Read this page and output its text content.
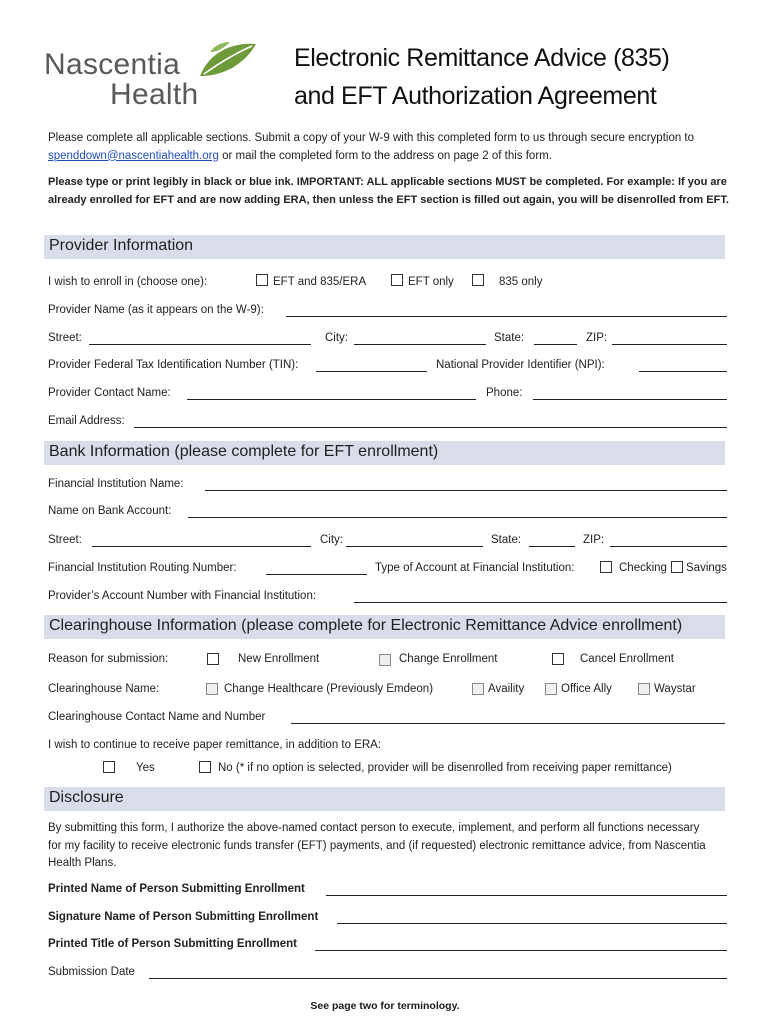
Nascentia
Health
Electronic Remittance Advice (835)
and EFT Authorization Agreement
Please complete all applicable sections. Submit a copy of your W-9 with this completed form to us through secure encryption to spenddown@nascentiahealth.org or mail the completed form to the address on page 2 of this form.
Please type or print legibly in black or blue ink. IMPORTANT: ALL applicable sections MUST be completed. For example: If you are already enrolled for EFT and are now adding ERA, then unless the EFT section is filled out again, you will be disenrolled from EFT.
Provider Information
I wish to enroll in (choose one):	EFT and 835/ERA	EFT only	835 only
Provider Name (as it appears on the W-9):
Street:	City:	State:	ZIP:
Provider Federal Tax Identification Number (TIN):	National Provider Identifier (NPI):
Provider Contact Name:	Phone:
Email Address:
Bank Information (please complete for EFT enrollment)
Financial Institution Name:
Name on Bank Account:
Street:	City:	State:	ZIP:
Financial Institution Routing Number:	Type of Account at Financial Institution:	Checking Savings
Provider’s Account Number with Financial Institution:
Clearinghouse Information (please complete for Electronic Remittance Advice enrollment)
Reason for submission:	New Enrollment	Change Enrollment	Cancel Enrollment
Clearinghouse Name:	Change Healthcare (Previously Emdeon)	Availity	Office Ally	Waystar
Clearinghouse Contact Name and Number
I wish to continue to receive paper remittance, in addition to ERA:
Yes	No (* if no option is selected, provider will be disenrolled from receiving paper remittance)
Disclosure
By submitting this form, I authorize the above-named contact person to execute, implement, and perform all functions necessary for my facility to receive electronic funds transfer (EFT) payments, and (if requested) electronic remittance advice, from Nascentia Health Plans.
Printed Name of Person Submitting Enrollment
Signature Name of Person Submitting Enrollment
Printed Title of Person Submitting Enrollment
Submission Date
See page two for terminology.
